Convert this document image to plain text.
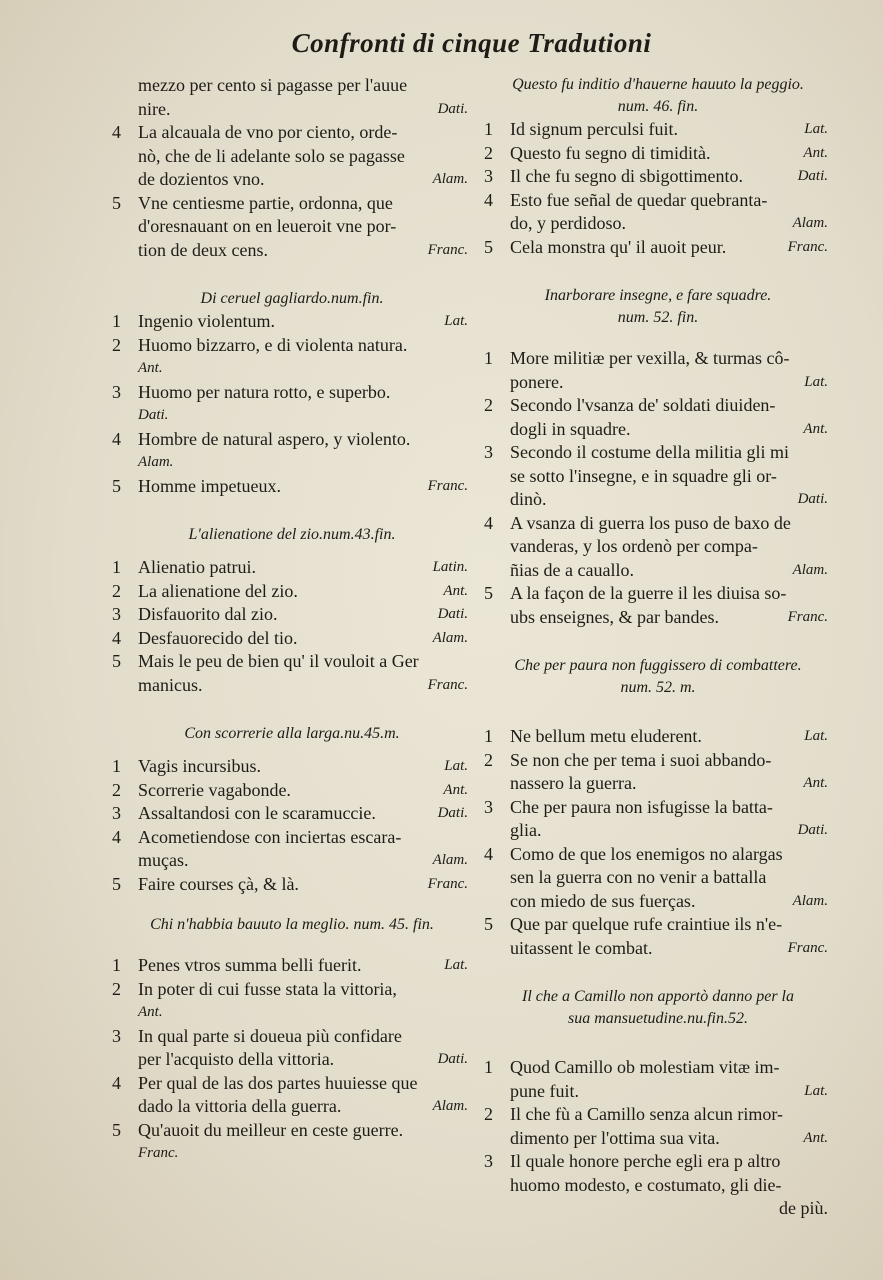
Confronti di cinque Tradutioni
mezzo per cento si pagasse per l'auue
nire.	Dati.
4 La alcauala de vno por ciento, orde-
nò, che de li adelante solo se pagasse
de dozientos vno.	Alam.
5 Vne centiesme partie, ordonna, que
d'oresnauant on en leueroit vne por-
tion de deux cens.	Franc.
Di ceruel gagliardo.num.fin.
1 Ingenio violentum.	Lat.
2 Huomo bizzarro, e di violenta natura.
Ant.
3 Huomo per natura rotto, e superbo.
Dati.
4 Hombre de natural aspero, y violento.
Alam.
5 Homme impetueux.	Franc.
L'alienatione del zio.num.43.fin.
1 Alienatio patrui.	Latin.
2 La alienatione del zio.	Ant.
3 Disfauorito dal zio.	Dati.
4 Desfauorecido del tio.	Alam.
5 Mais le peu de bien qu' il vouloit a Ger
manicus.	Franc.
Con scorrerie alla larga.nu.45.m.
1 Vagis incursibus.	Lat.
2 Scorrerie vagabonde.	Ant.
3 Assaltandosi con le scaramuccie.	Dati.
4 Acometiendose con inciertas escara-
muças.	Alam.
5 Faire courses çà, & là.	Franc.
Chi n'habbia bauuto la meglio. num. 45. fin.
1 Penes vtros summa belli fuerit.	Lat.
2 In poter di cui fusse stata la vittoria,
Ant.
3 In qual parte si doueua più confidare
per l'acquisto della vittoria.	Dati.
4 Per qual de las dos partes huuiesse que
dado la vittoria della guerra.	Alam.
5 Qu'auoit du meilleur en ceste guerre.
Franc.
Questo fu inditio d'hauerne hauuto la peggio.
num. 46. fin.
1 Id signum perculsi fuit.	Lat.
2 Questo fu segno di timidità.	Ant.
3 Il che fu segno di sbigottimento.	Dati.
4 Esto fue señal de quedar quebranta-
do, y perdidoso.	Alam.
5 Cela monstra qu' il auoit peur.	Franc.
Inarborare insegne, e fare squadre.
num. 52. fin.
1 More militiæ per vexilla, & turmas cô-
ponere.	Lat.
2 Secondo l'vsanza de' soldati diuiden-
dogli in squadre.	Ant.
3 Secondo il costume della militia gli mi
se sotto l'insegne, e in squadre gli or-
dinò.	Dati.
4 A vsanza di guerra los puso de baxo de
vanderas, y los ordenò per compa-
ñias de a cauallo.	Alam.
5 A la façon de la guerre il les diuisa so-
ubs enseignes, & par bandes.	Franc.
Che per paura non fuggissero di combattere.
num. 52. m.
1 Ne bellum metu eluderent.	Lat.
2 Se non che per tema i suoi abbando-
nassero la guerra.	Ant.
3 Che per paura non isfugisse la batta-
glia.	Dati.
4 Como de que los enemigos no alargas
sen la guerra con no venir a battalla
con miedo de sus fuerças.	Alam.
5 Que par quelque rufe craintiue ils n'e-
uitassent le combat.	Franc.
Il che a Camillo non apportò danno per la
sua mansuetudine.nu.fin.52.
1 Quod Camillo ob molestiam vitæ im-
pune fuit.	Lat.
2 Il che fù a Camillo senza alcun rimor-
dimento per l'ottima sua vita.	Ant.
3 Il quale honore perche egli era p altro
huomo modesto, e costumato, gli die-
de più.
